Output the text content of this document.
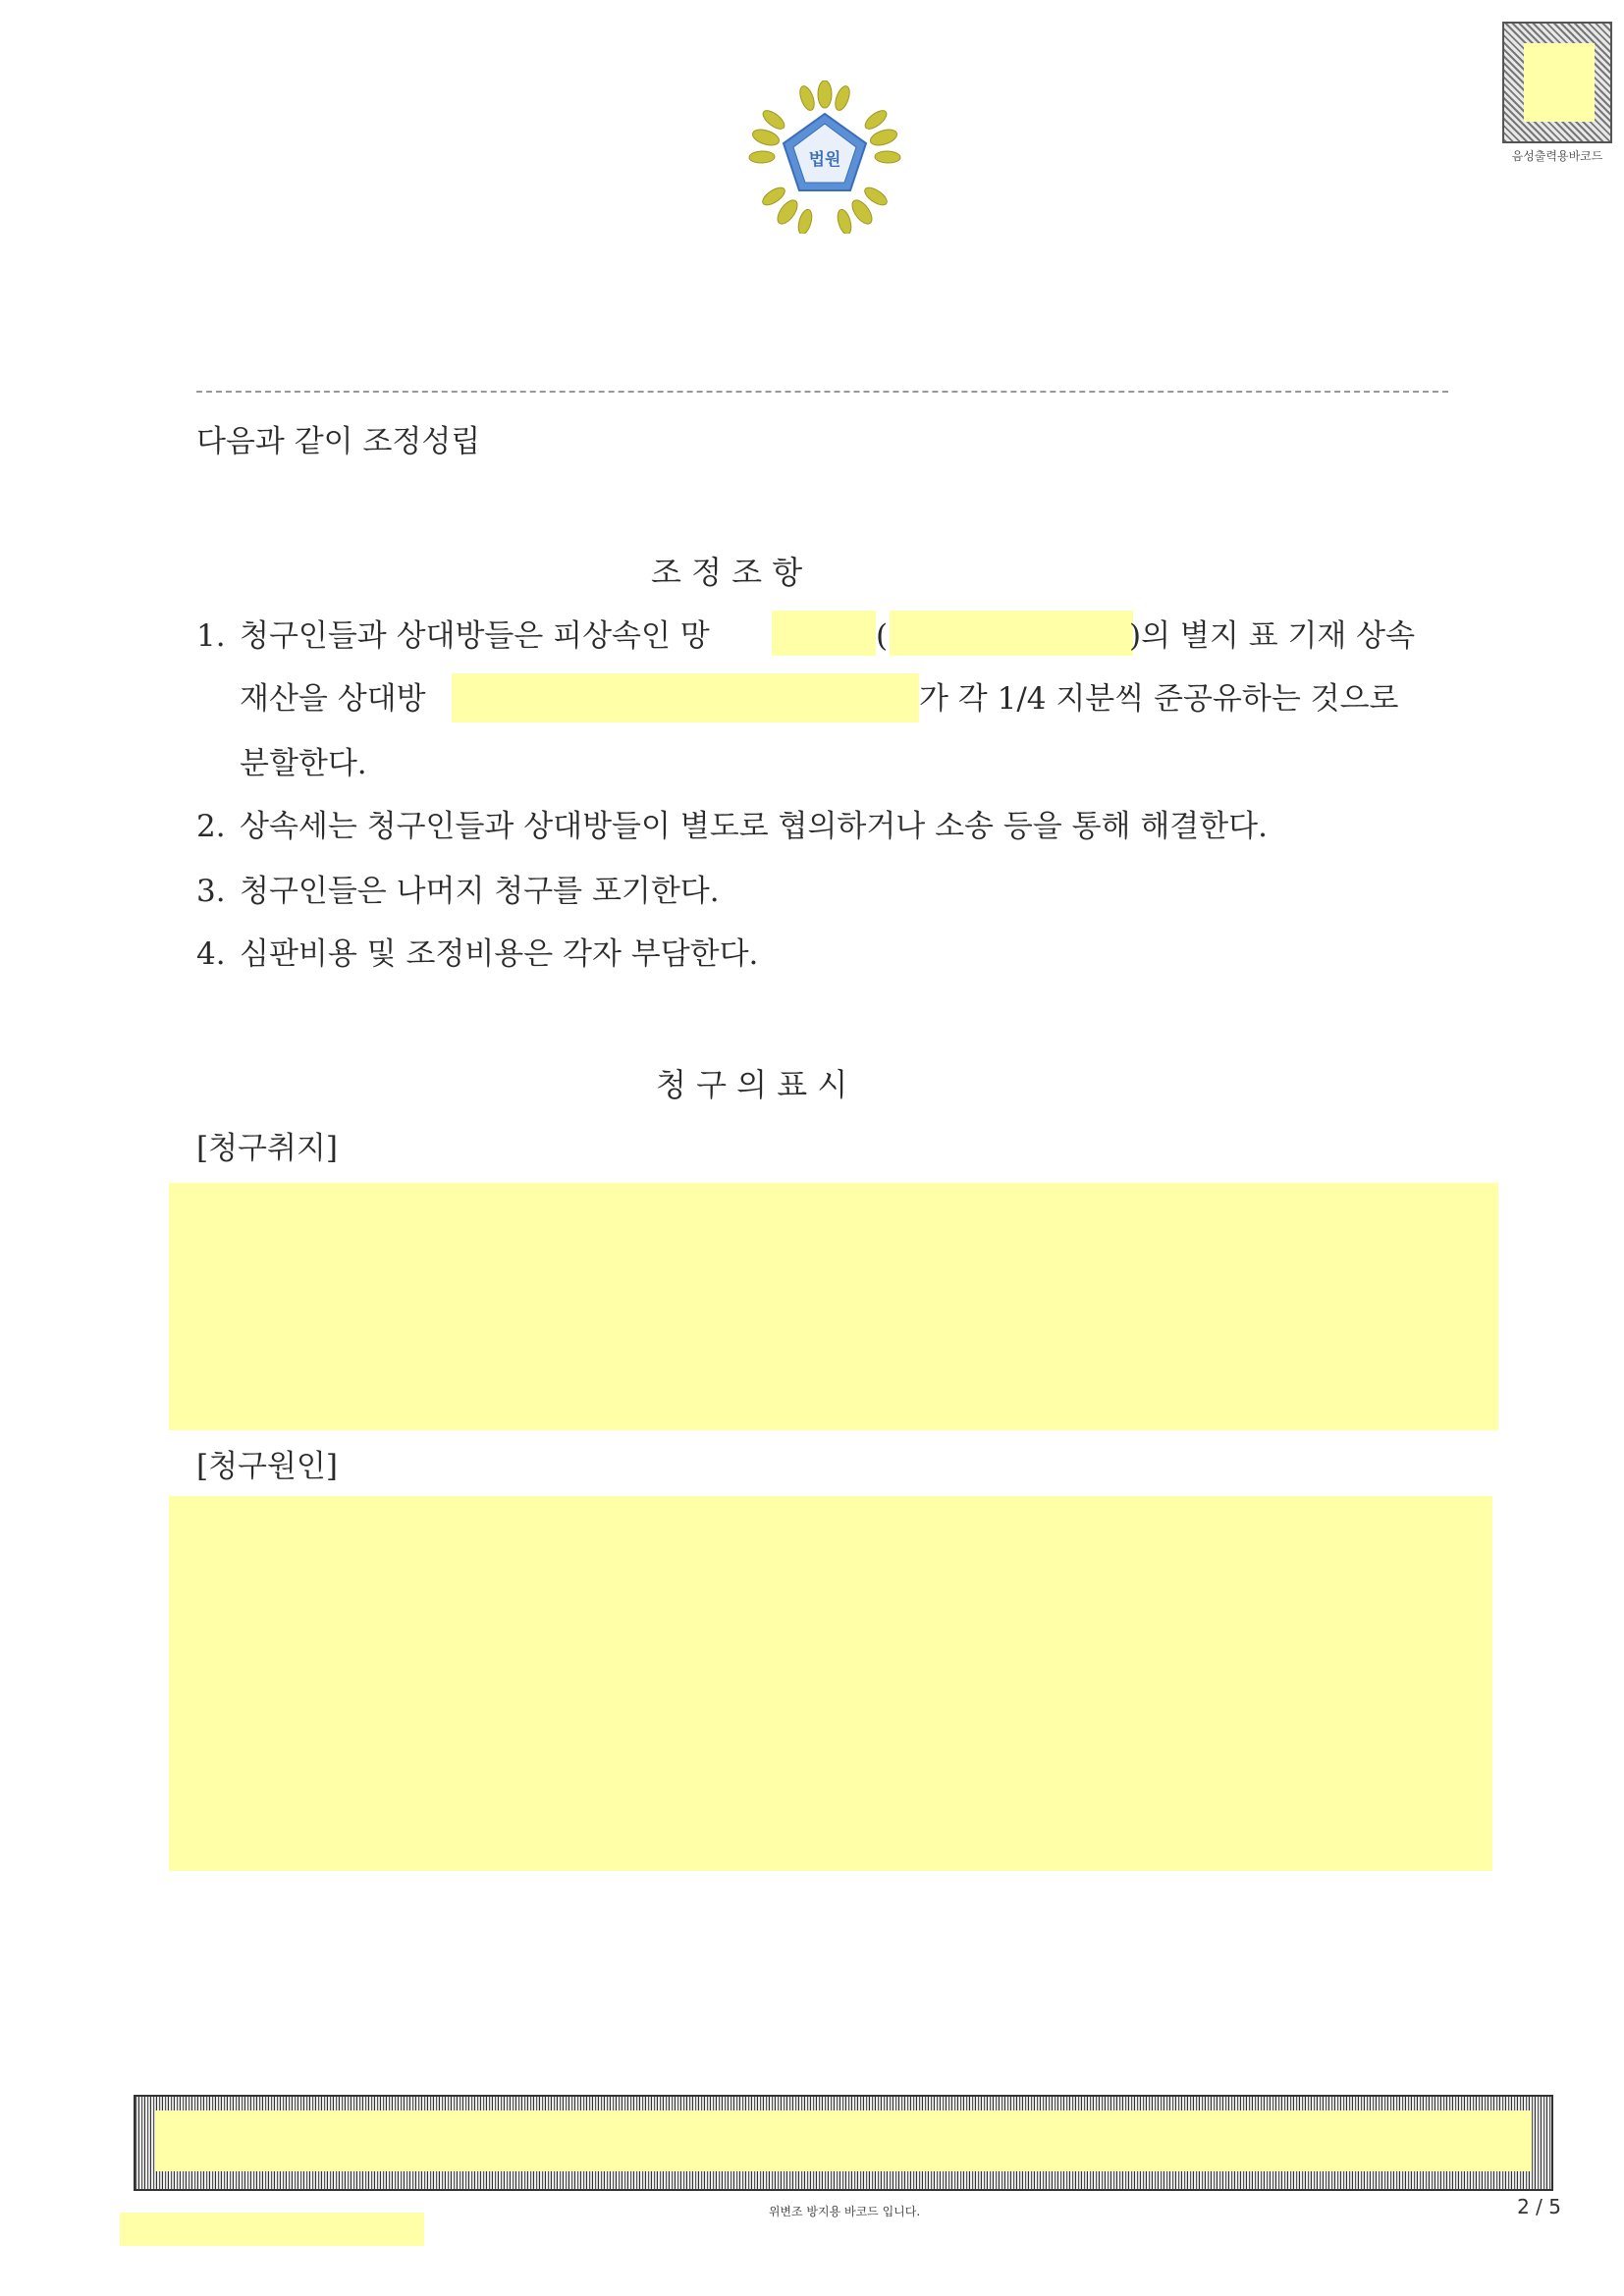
법원	음성출력용바코드
다음과 같이 조정성립
조 정 조 항
1. 청구인들과 상대방들은 피상속인 망	(	)의 별지 표 기재 상속
재산을 상대방	가 각 1/4 지분씩 준공유하는 것으로
분할한다.
2. 상속세는 청구인들과 상대방들이 별도로 협의하거나 소송 등을 통해 해결한다.
3. 청구인들은 나머지 청구를 포기한다.
4. 심판비용 및 조정비용은 각자 부담한다.
청 구 의 표 시
[청구취지]
[청구원인]
위변조 방지용 바코드 입니다.	2 / 5
